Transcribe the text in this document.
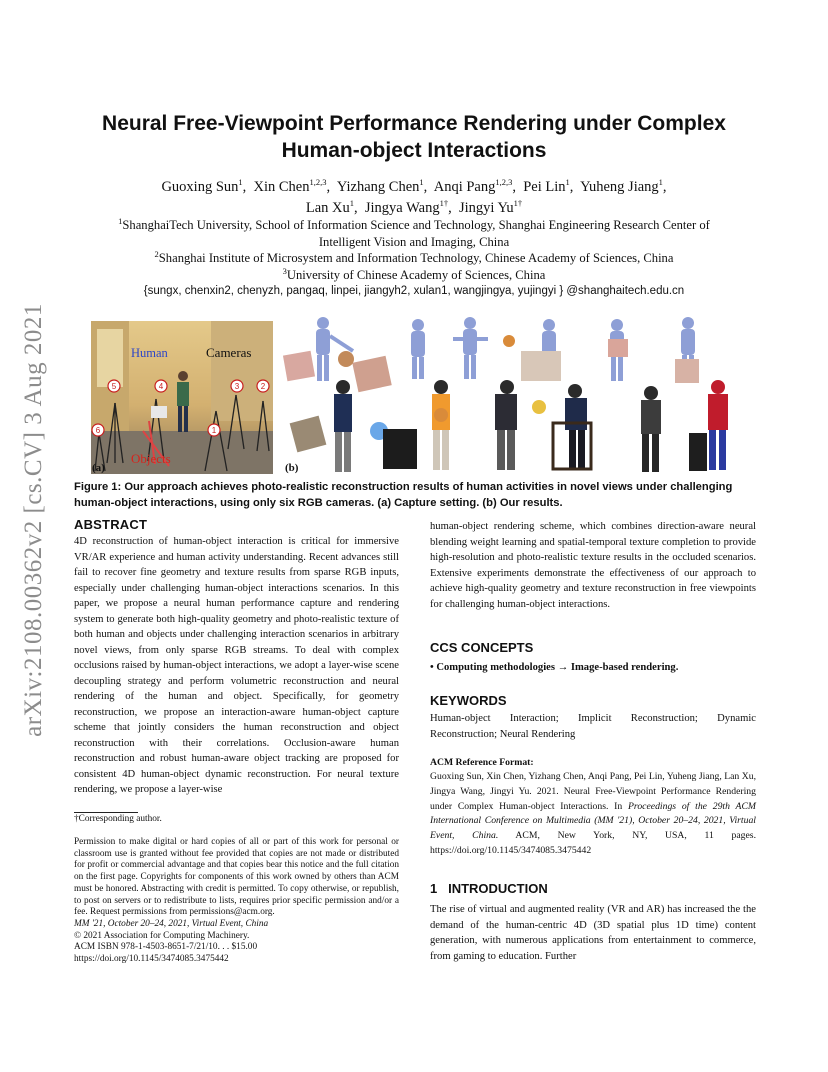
arXiv:2108.00362v2 [cs.CV] 3 Aug 2021
Neural Free-Viewpoint Performance Rendering under Complex
Human-object Interactions
Guoxing Sun$^1$,  Xin Chen$^{1,2,3}$,  Yizhang Chen$^1$,  Anqi Pang$^{1,2,3}$,  Pei Lin$^1$,  Yuheng Jiang$^1$,
Lan Xu$^1$,  Jingya Wang$^{1\dagger}$,  Jingyi $Yu^{1\dagger}$
$^1$ShanghaiTech University, School of Information Science and Technology, Shanghai Engineering Research Center of
Intelligent Vision and Imaging, China
$^2$Shanghai Institute of Microsystem and Information Technology, Chinese Academy of Sciences, China
$^3$University of Chinese Academy of Sciences, China
{sungx, chenxin2, chenyzh, pangaq, linpei, jiangyh2, xulan1, wangjingya, yujingyi } @shanghaitech.edu.cn
Human	Cameras
Objects
5	4	3	2
1
6
(a)	(b)
Figure 1: Our approach achieves photo-realistic reconstruction results of human activities in novel views under challenging human-object interactions, using only six RGB cameras. (a) Capture setting. (b) Our results.
ABSTRACT
4D reconstruction of human-object interaction is critical for immersive VR/AR experience and human activity understanding. Recent advances still fail to recover fine geometry and texture results from sparse RGB inputs, especially under challenging human-object interactions scenarios. In this paper, we propose a neural human performance capture and rendering system to generate both high-quality geometry and photo-realistic texture of both human and objects under challenging interaction scenarios in arbitrary novel views, from only sparse RGB streams. To deal with complex occlusions raised by human-object interactions, we adopt a layer-wise scene decoupling strategy and perform volumetric reconstruction and neural rendering of the human and object. Specifically, for geometry reconstruction, we propose an interaction-aware human-object capture scheme that jointly considers the human reconstruction and object reconstruction with their correlations. Occlusion-aware human reconstruction and robust human-aware object tracking are proposed for consistent 4D human-object dynamic reconstruction. For neural texture rendering, we propose a layer-wise
†Corresponding author.

Permission to make digital or hard copies of all or part of this work for personal or classroom use is granted without fee provided that copies are not made or distributed for profit or commercial advantage and that copies bear this notice and the full citation on the first page. Copyrights for components of this work owned by others than ACM must be honored. Abstracting with credit is permitted. To copy otherwise, or republish, to post on servers or to redistribute to lists, requires prior specific permission and/or a fee. Request permissions from permissions@acm.org.

MM '21, October 20–24, 2021, Virtual Event, China

© 2021 Association for Computing Machinery.

ACM ISBN 978-1-4503-8651-7/21/10. . . $15.00

https://doi.org/10.1145/3474085.3475442

human-object rendering scheme, which combines direction-aware neural blending weight learning and spatial-temporal texture completion to provide high-resolution and photo-realistic texture results in the occluded scenarios. Extensive experiments demonstrate the effectiveness of our approach to achieve high-quality geometry and texture reconstruction in free viewpoints for challenging human-object interactions.
CCS CONCEPTS
• Computing methodologies → Image-based rendering.
KEYWORDS
Human-object Interaction; Implicit Reconstruction; Dynamic Reconstruction; Neural Rendering
ACM Reference Format:
Guoxing Sun, Xin Chen, Yizhang Chen, Anqi Pang, Pei Lin, Yuheng Jiang, Lan Xu, Jingya Wang, Jingyi Yu. 2021. Neural Free-Viewpoint Performance Rendering under Complex Human-object Interactions. In Proceedings of the 29th ACM International Conference on Multimedia (MM '21), October 20–24, 2021, Virtual Event, China. ACM, New York, NY, USA, 11 pages. https://doi.org/10.1145/3474085.3475442
1 INTRODUCTION
The rise of virtual and augmented reality (VR and AR) has increased the the demand of the human-centric 4D (3D spatial plus 1D time) content generation, with numerous applications from entertainment to commerce, from gaming to education. Further
